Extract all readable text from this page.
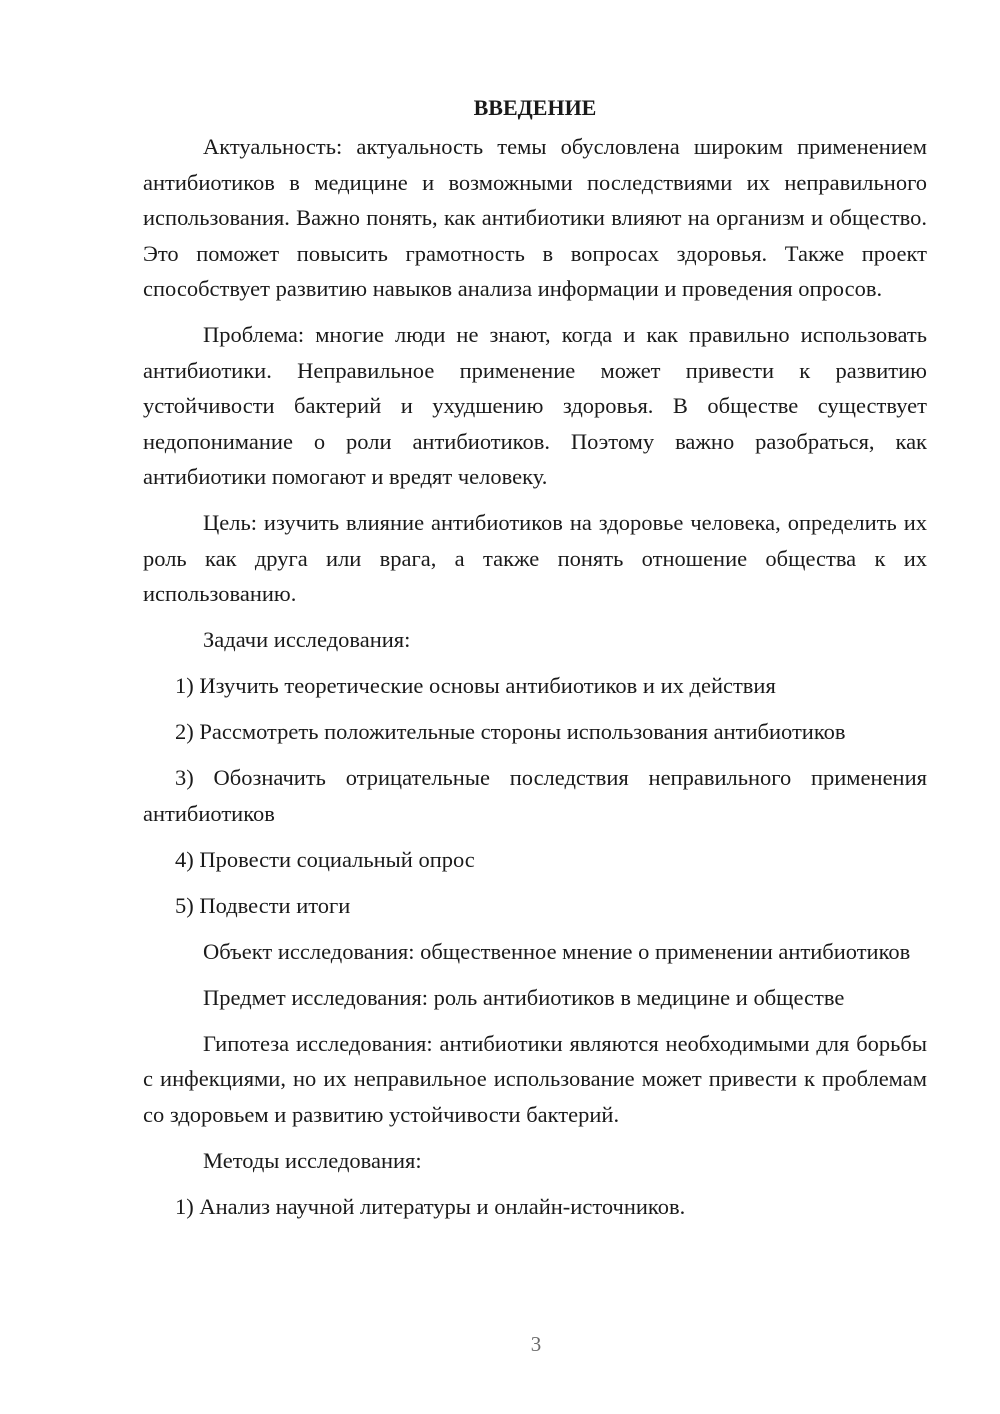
ВВЕДЕНИЕ

Актуальность: актуальность темы обусловлена широким применением антибиотиков в медицине и возможными последствиями их неправильного использования. Важно понять, как антибиотики влияют на организм и общество. Это поможет повысить грамотность в вопросах здоровья. Также проект способствует развитию навыков анализа информации и проведения опросов.

Проблема: многие люди не знают, когда и как правильно использовать антибиотики. Неправильное применение может привести к развитию устойчивости бактерий и ухудшению здоровья. В обществе существует недопонимание о роли антибиотиков. Поэтому важно разобраться, как антибиотики помогают и вредят человеку.

Цель: изучить влияние антибиотиков на здоровье человека, определить их роль как друга или врага, а также понять отношение общества к их использованию.

Задачи исследования:

1) Изучить теоретические основы антибиотиков и их действия

2) Рассмотреть положительные стороны использования антибиотиков

3) Обозначить отрицательные последствия неправильного применения антибиотиков

4) Провести социальный опрос

5) Подвести итоги

Объект исследования: общественное мнение о применении антибиотиков

Предмет исследования: роль антибиотиков в медицине и обществе

Гипотеза исследования: антибиотики являются необходимыми для борьбы с инфекциями, но их неправильное использование может привести к проблемам со здоровьем и развитию устойчивости бактерий.

Методы исследования:

1) Анализ научной литературы и онлайн-источников.

3
